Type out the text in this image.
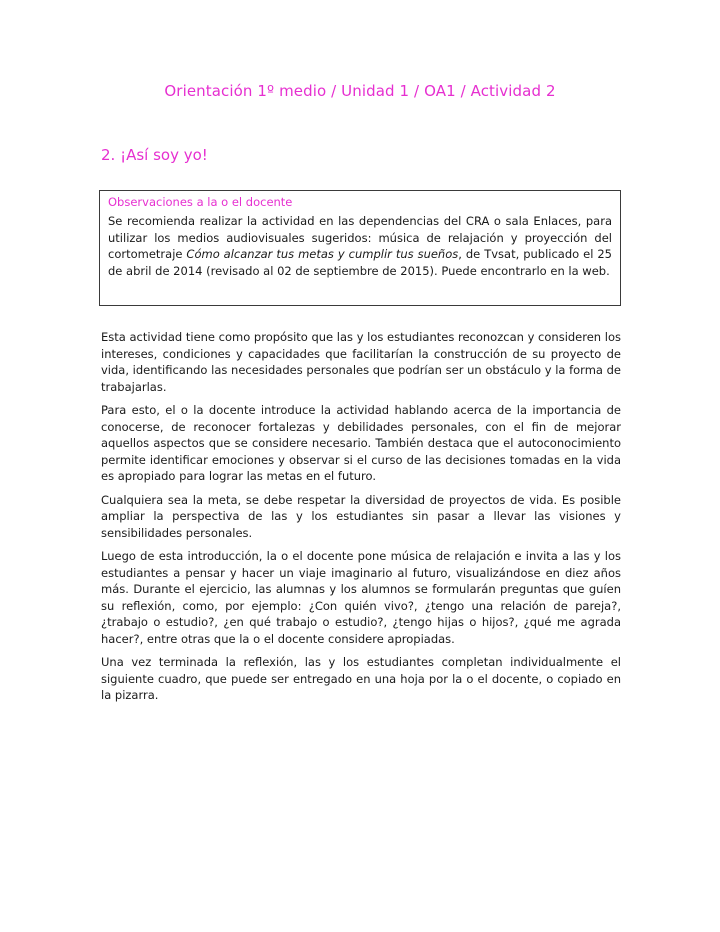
Orientación 1º medio / Unidad 1 / OA1 / Actividad 2
2. ¡Así soy yo!
Observaciones a la o el docente
Se recomienda realizar la actividad en las dependencias del CRA o sala Enlaces, para utilizar los medios audiovisuales sugeridos: música de relajación y proyección del cortometraje Cómo alcanzar tus metas y cumplir tus sueños, de Tvsat, publicado el 25 de abril de 2014 (revisado al 02 de septiembre de 2015). Puede encontrarlo en la web.

Esta actividad tiene como propósito que las y los estudiantes reconozcan y consideren los intereses, condiciones y capacidades que facilitarían la construcción de su proyecto de vida, identificando las necesidades personales que podrían ser un obstáculo y la forma de trabajarlas.

Para esto, el o la docente introduce la actividad hablando acerca de la importancia de conocerse, de reconocer fortalezas y debilidades personales, con el fin de mejorar aquellos aspectos que se considere necesario. También destaca que el autoconocimiento permite identificar emociones y observar si el curso de las decisiones tomadas en la vida es apropiado para lograr las metas en el futuro.

Cualquiera sea la meta, se debe respetar la diversidad de proyectos de vida. Es posible ampliar la perspectiva de las y los estudiantes sin pasar a llevar las visiones y sensibilidades personales.

Luego de esta introducción, la o el docente pone música de relajación e invita a las y los estudiantes a pensar y hacer un viaje imaginario al futuro, visualizándose en diez años más. Durante el ejercicio, las alumnas y los alumnos se formularán preguntas que guíen su reflexión, como, por ejemplo: ¿Con quién vivo?, ¿tengo una relación de pareja?, ¿trabajo o estudio?, ¿en qué trabajo o estudio?, ¿tengo hijas o hijos?, ¿qué me agrada hacer?, entre otras que la o el docente considere apropiadas.

Una vez terminada la reflexión, las y los estudiantes completan individualmente el siguiente cuadro, que puede ser entregado en una hoja por la o el docente, o copiado en la pizarra.
